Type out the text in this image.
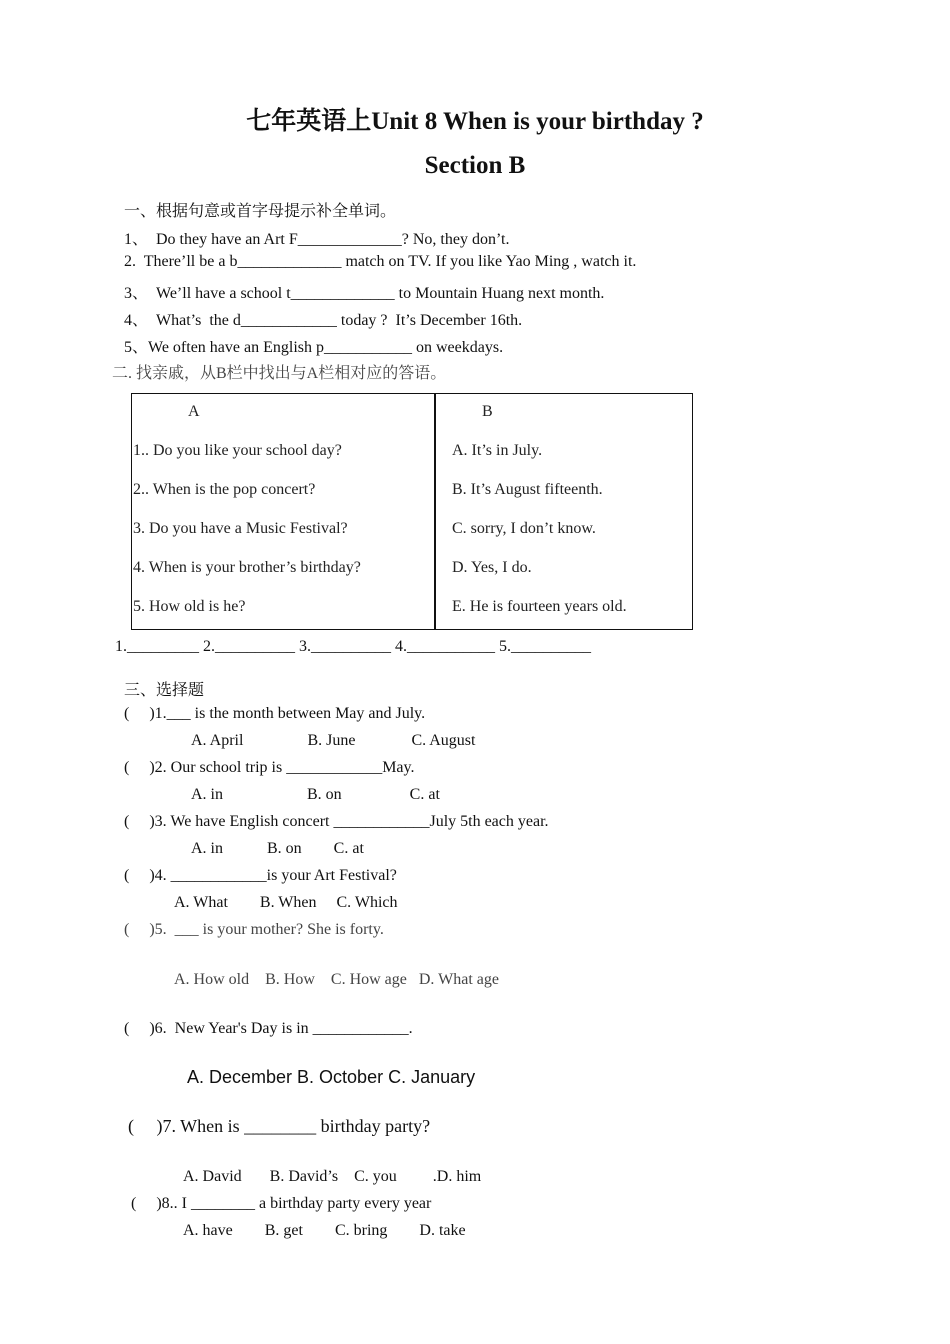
七年英语上Unit 8 When is your birthday ?
Section B
一、根据句意或首字母提示补全单词。
1、  Do they have an Art F_____________? No, they don’t.
2.  There’ll be a b_____________ match on TV. If you like Yao Ming , watch it.
3、  We’ll have a school t_____________ to Mountain Huang next month.
4、  What’s  the d____________ today ?  It’s December 16th.
5、We often have an English p___________ on weekdays.
二. 找亲戚，从B栏中找出与A栏相对应的答语。
A	B
1.. Do you like your school day?
2.. When is the pop concert?
3. Do you have a Music Festival?
4. When is your brother’s birthday?
5. How old is he?
A. It’s in July.
B. It’s August fifteenth.
C. sorry, I don’t know.
D. Yes, I do.
E. He is fourteen years old.
1._________ 2.__________ 3.__________ 4.___________ 5.__________
三、选择题
(     )1.___ is the month between May and July.
A. April                B. June              C. August
(     )2. Our school trip is ____________May.
A. in                     B. on                 C. at
(     )3. We have English concert ____________July 5th each year.
A. in           B. on        C. at
(     )4. ____________is your Art Festival?
A. What        B. When     C. Which
(     )5.  ___ is your mother? She is forty.
A. How old    B. How    C. How age   D. What age
(     )6.  New Year's Day is in ____________.
A. December B. October C. January
(     )7. When is ________ birthday party?
A. David       B. David’s    C. you         .D. him
(     )8.. I ________ a birthday party every year
A. have        B. get        C. bring        D. take
